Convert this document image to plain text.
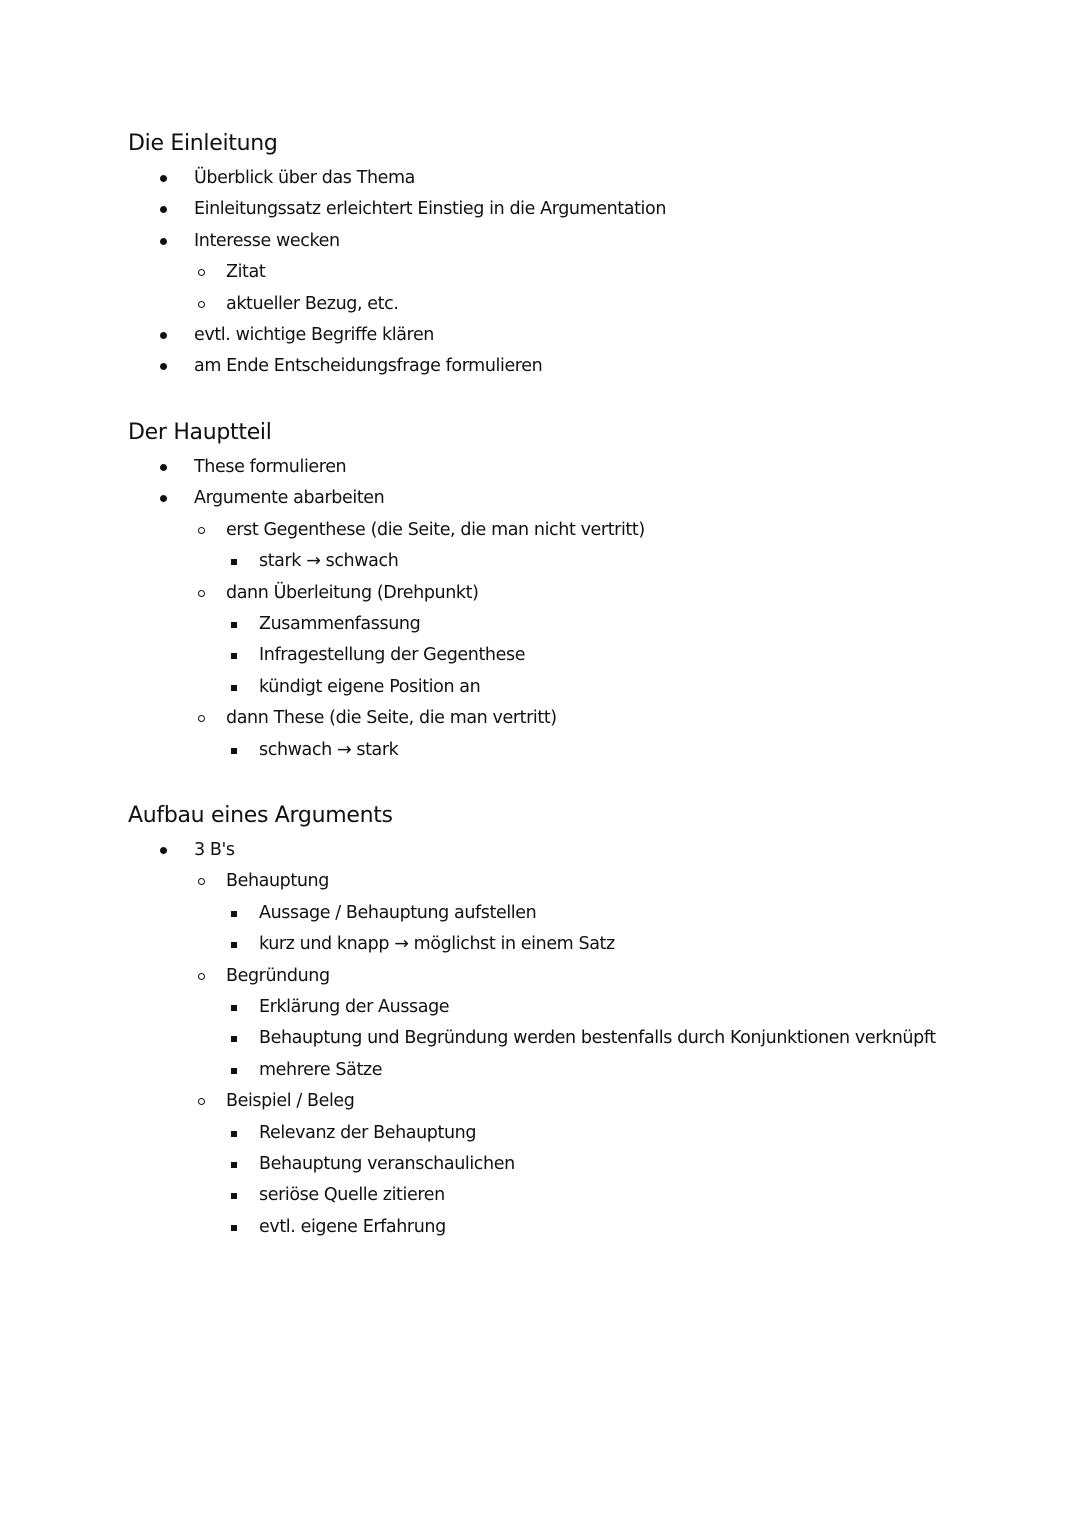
Die Einleitung
Überblick über das Thema
Einleitungssatz erleichtert Einstieg in die Argumentation
Interesse wecken
Zitat
aktueller Bezug, etc.
evtl. wichtige Begriffe klären
am Ende Entscheidungsfrage formulieren
Der Hauptteil
These formulieren
Argumente abarbeiten
erst Gegenthese (die Seite, die man nicht vertritt)
stark → schwach
dann Überleitung (Drehpunkt)
Zusammenfassung
Infragestellung der Gegenthese
kündigt eigene Position an
dann These (die Seite, die man vertritt)
schwach → stark
Aufbau eines Arguments
3 B's
Behauptung
Aussage / Behauptung aufstellen
kurz und knapp → möglichst in einem Satz
Begründung
Erklärung der Aussage
Behauptung und Begründung werden bestenfalls durch Konjunktionen verknüpft
mehrere Sätze
Beispiel / Beleg
Relevanz der Behauptung
Behauptung veranschaulichen
seriöse Quelle zitieren
evtl. eigene Erfahrung
